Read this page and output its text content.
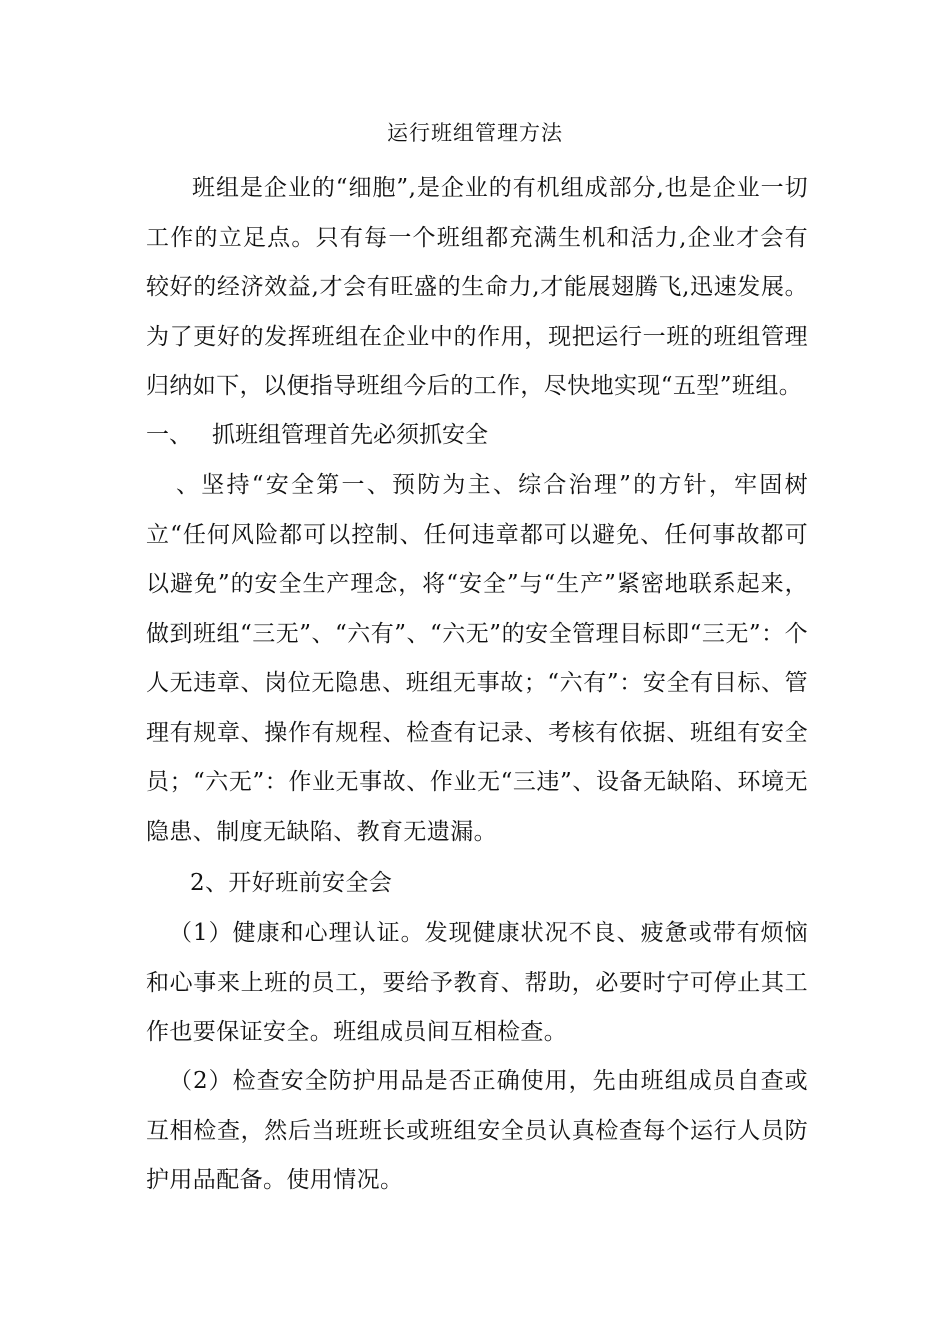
运行班组管理方法

班组是企业的“细胞”,是企业的有机组成部分,也是企业一切工作的立足点。只有每一个班组都充满生机和活力,企业才会有较好的经济效益,才会有旺盛的生命力,才能展翅腾飞,迅速发展。为了更好的发挥班组在企业中的作用，现把运行一班的班组管理归纳如下，以便指导班组今后的工作，尽快地实现“五型”班组。

一、 抓班组管理首先必须抓安全

、坚持“安全第一、预防为主、综合治理”的方针，牢固树立“任何风险都可以控制、任何违章都可以避免、任何事故都可以避免”的安全生产理念，将“安全”与“生产”紧密地联系起来，做到班组“三无”、“六有”、“六无”的安全管理目标即“三无”：个人无违章、岗位无隐患、班组无事故；“六有”：安全有目标、管理有规章、操作有规程、检查有记录、考核有依据、班组有安全员；“六无”：作业无事故、作业无“三违”、设备无缺陷、环境无隐患、制度无缺陷、教育无遗漏。

2、开好班前安全会

（1）健康和心理认证。发现健康状况不良、疲惫或带有烦恼和心事来上班的员工，要给予教育、帮助，必要时宁可停止其工作也要保证安全。班组成员间互相检查。

（2）检查安全防护用品是否正确使用，先由班组成员自查或互相检查，然后当班班长或班组安全员认真检查每个运行人员防护用品配备。使用情况。
